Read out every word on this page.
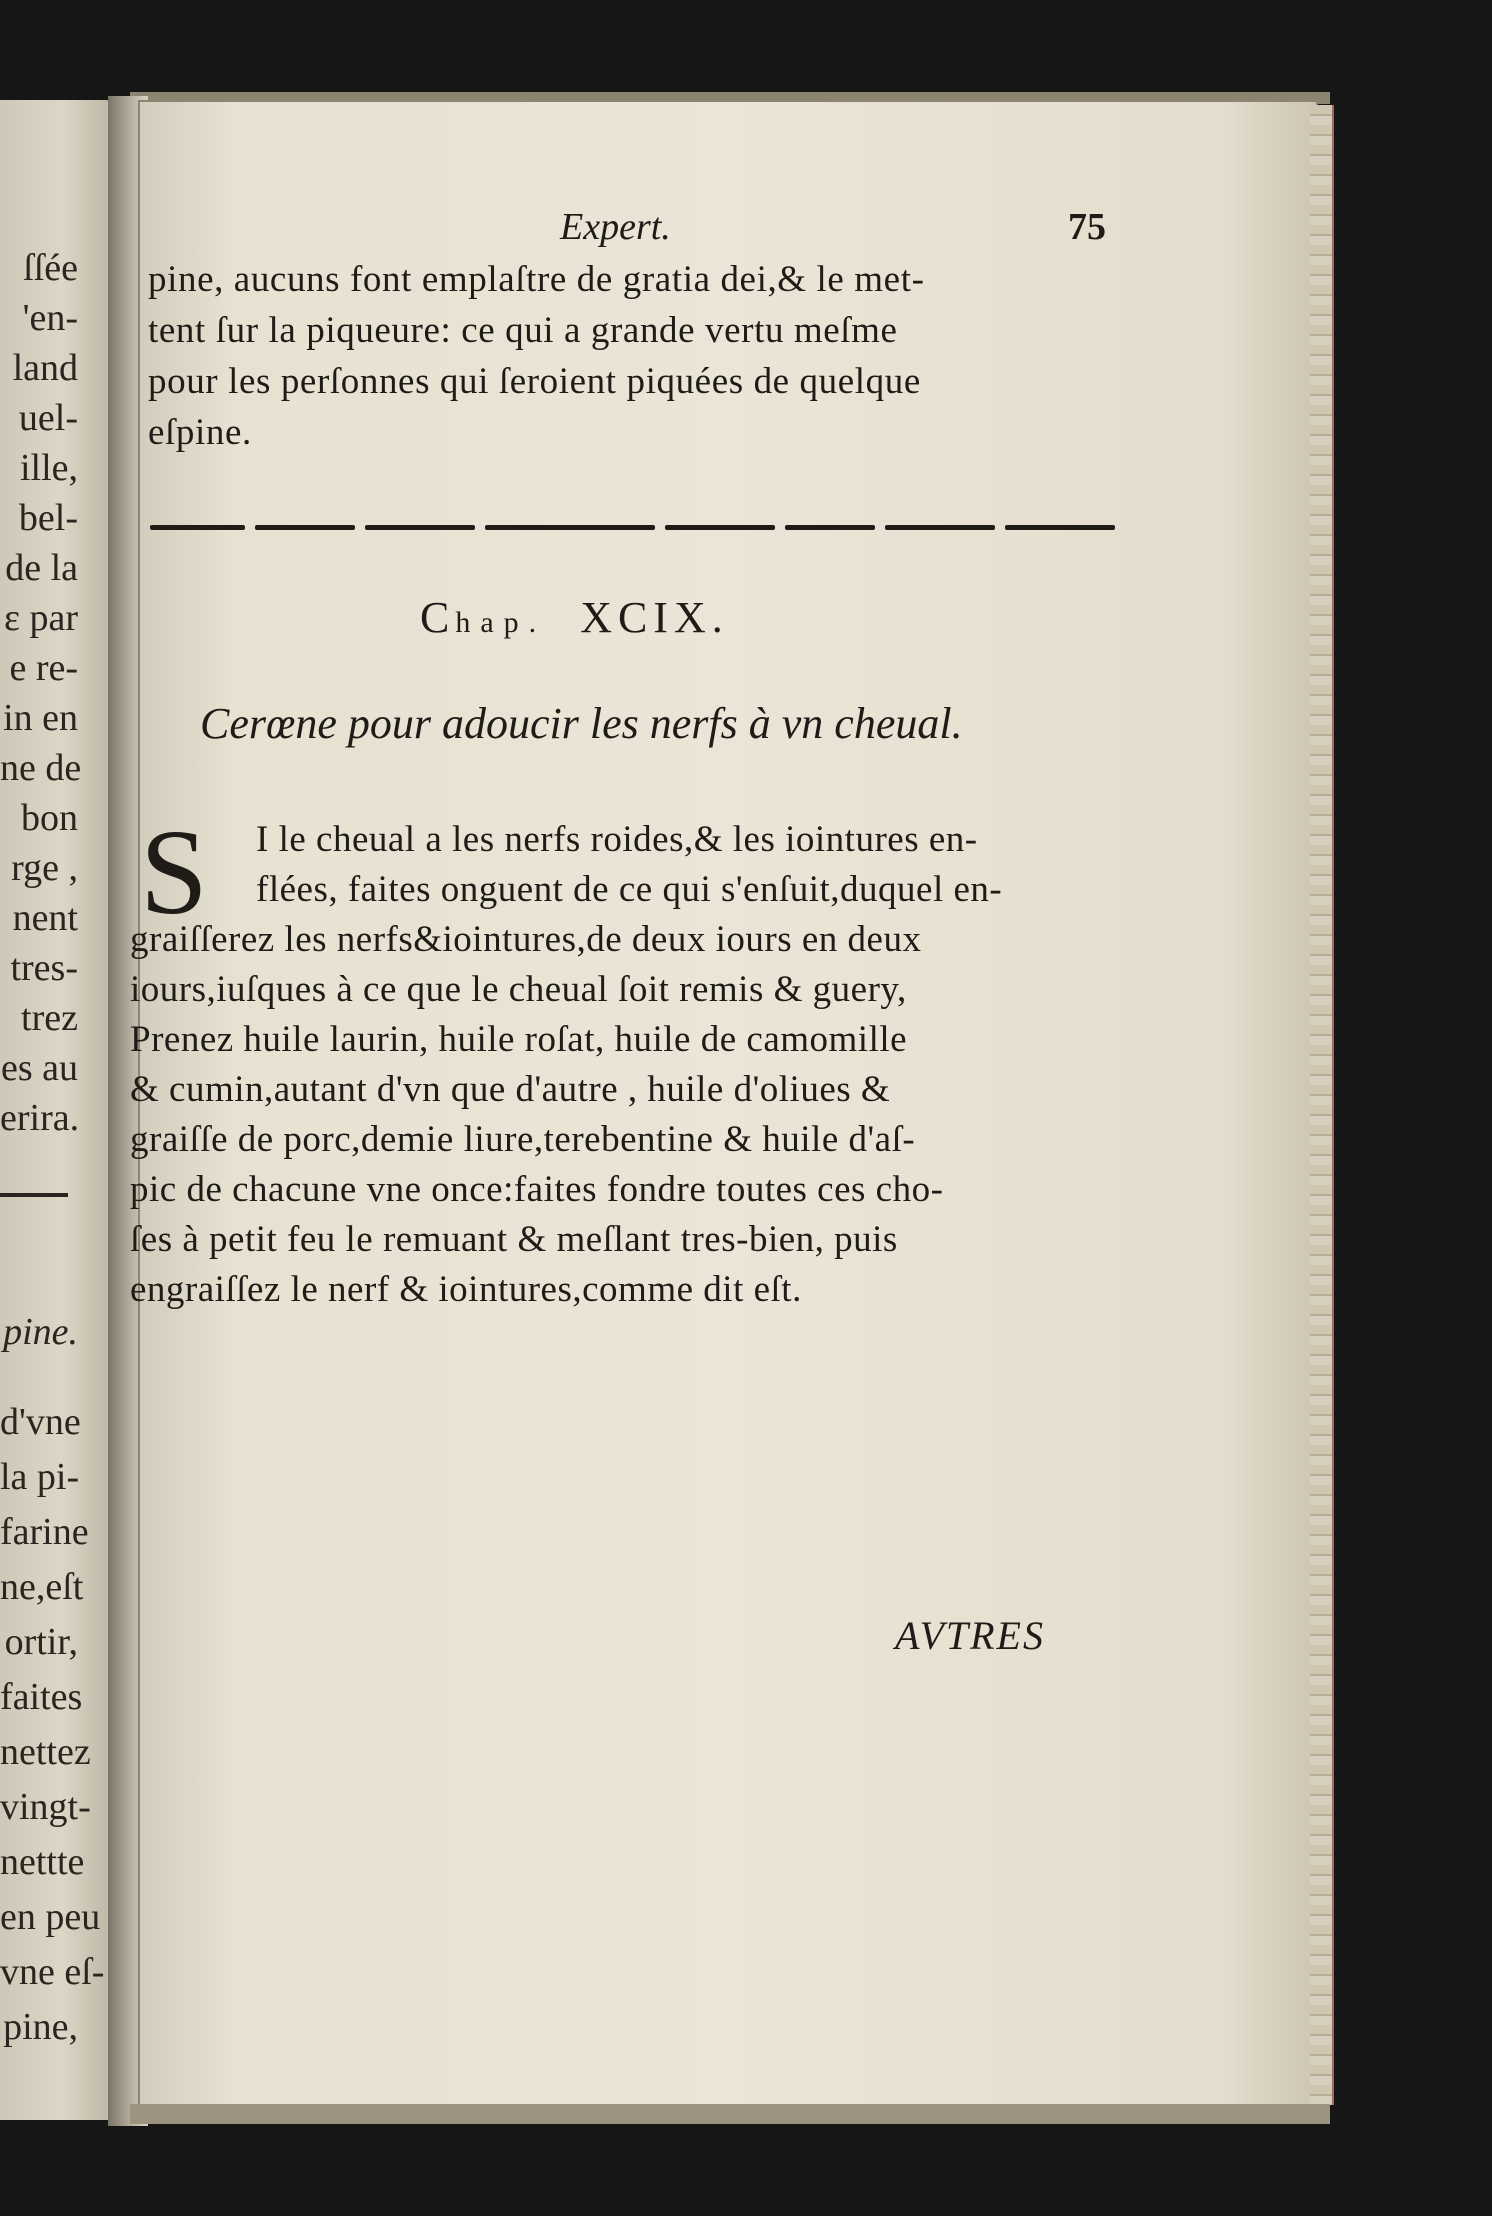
ſſée
'en-
land
uel-
ille,
bel-
de la
ɛ par
e re-
in en
ne de
bon
rge ,
nent
tres-
trez
es au
erira.
pine.
d'vne
la pi-
farine
ne,eſt
ortir,
faites
nettez
vingt-
nettte
en peu
vne eſ-
pine,
Expert.	75
pine, aucuns font emplaſtre de gratia dei,& le met-
tent ſur la piqueure: ce qui a grande vertu meſme
pour les perſonnes qui ſeroient piquées de quelque
eſpine.
Chap. XCIX.
Cerœne pour adoucir les nerfs à vn cheual.
S I le cheual a les nerfs roides,& les iointures en-
flées, faites onguent de ce qui s'enſuit,duquel en-
graiſſerez les nerfs&iointures,de deux iours en deux
iours,iuſques à ce que le cheual ſoit remis & guery,
Prenez huile laurin, huile roſat, huile de camomille
& cumin,autant d'vn que d'autre , huile d'oliues &
graiſſe de porc,demie liure,terebentine & huile d'aſ-
pic de chacune vne once:faites fondre toutes ces cho-
ſes à petit feu le remuant & meſlant tres-bien, puis
engraiſſez le nerf & iointures,comme dit eſt.
AVTRES
